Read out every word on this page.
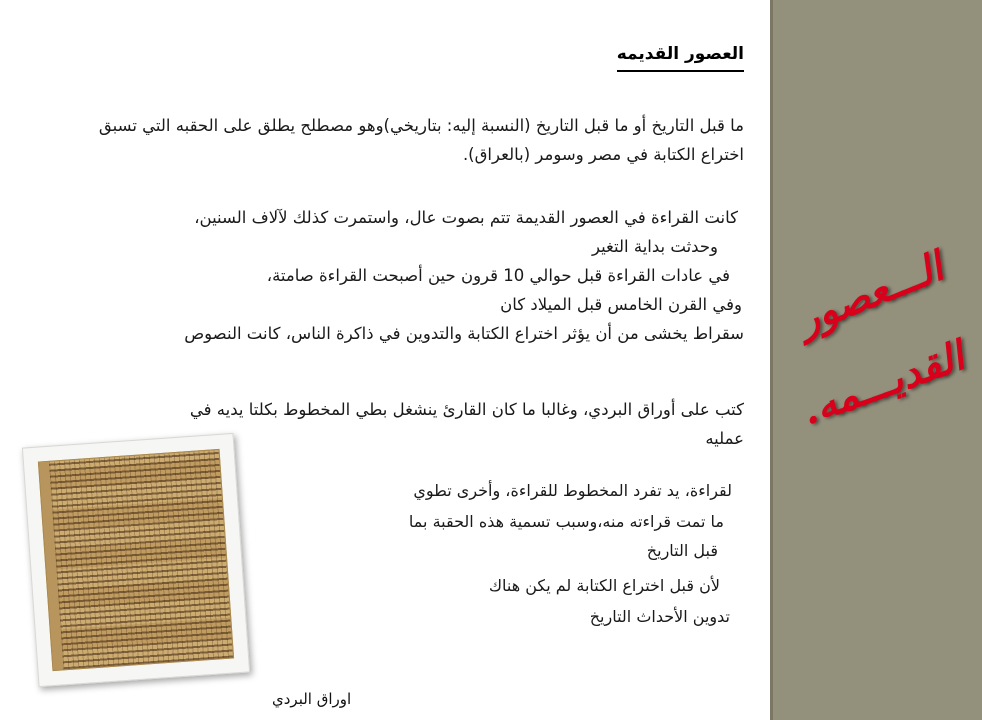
الـــعصور
القديـــمه.
العصور القديمه
ما قبل التاريخ أو ما قبل التاريخ (النسبة إليه: بتاريخي)وهو مصطلح يطلق على الحقبه التي تسبق اختراع الكتابة في مصر وسومر (بالعراق).
كانت القراءة في العصور القديمة تتم بصوت عال، واستمرت كذلك لآلاف السنين،
وحدثت بداية التغير
في عادات القراءة قبل حوالي 10 قرون حين أصبحت القراءة صامتة،
وفي القرن الخامس قبل الميلاد كان
سقراط يخشى من أن يؤثر اختراع الكتابة والتدوين في ذاكرة الناس، كانت النصوص
كتب على أوراق البردي، وغالبا ما كان القارئ ينشغل بطي المخطوط بكلتا يديه في
عمليه
لقراءة، يد تفرد المخطوط للقراءة، وأخرى تطوي
ما تمت قراءته منه،وسبب تسمية هذه الحقبة بما
قبل التاريخ
لأن قبل اختراع الكتابة لم يكن هناك
تدوين الأحداث التاريخ
اوراق البردي
